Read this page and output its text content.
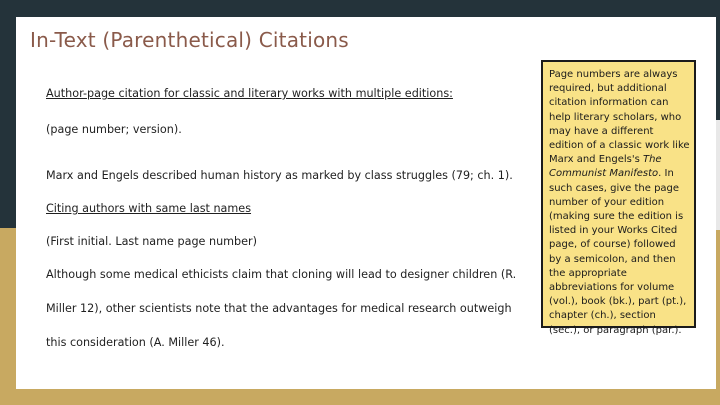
In-Text (Parenthetical) Citations
Author-page citation for classic and literary works with multiple editions:
(page number; version).
Marx and Engels described human history as marked by class struggles (79; ch. 1).
Citing authors with same last names
(First initial. Last name page number)
Although some medical ethicists claim that cloning will lead to designer children (R.
Miller 12), other scientists note that the advantages for medical research outweigh
this consideration (A. Miller 46).
Page numbers are always required, but additional citation information can help literary scholars, who may have a different edition of a classic work like Marx and Engels's The Communist Manifesto. In such cases, give the page number of your edition (making sure the edition is listed in your Works Cited page, of course) followed by a semicolon, and then the appropriate abbreviations for volume (vol.), book (bk.), part (pt.), chapter (ch.), section (sec.), or paragraph (par.).
